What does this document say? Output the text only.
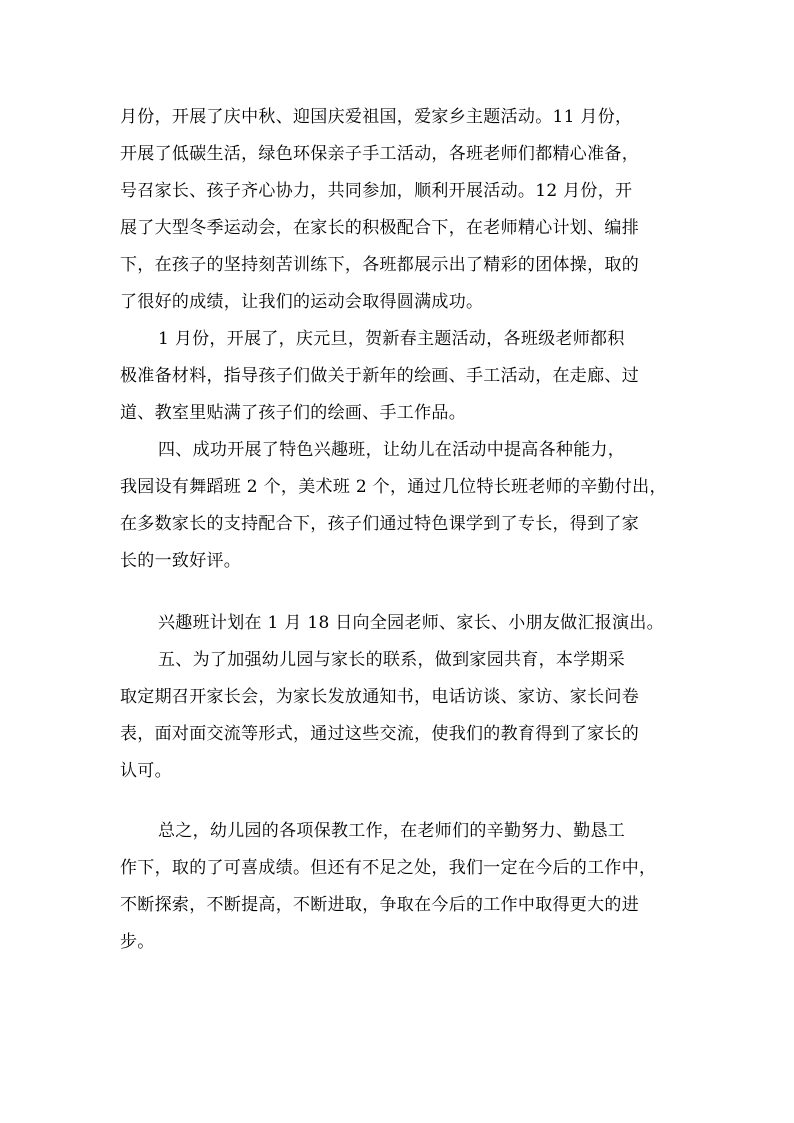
月份，开展了庆中秋、迎国庆爱祖国，爱家乡主题活动。11 月份，
开展了低碳生活，绿色环保亲子手工活动，各班老师们都精心准备，
号召家长、孩子齐心协力，共同参加，顺利开展活动。12 月份，开
展了大型冬季运动会，在家长的积极配合下，在老师精心计划、编排
下，在孩子的坚持刻苦训练下，各班都展示出了精彩的团体操，取的
了很好的成绩，让我们的运动会取得圆满成功。
1 月份，开展了，庆元旦，贺新春主题活动，各班级老师都积
极准备材料，指导孩子们做关于新年的绘画、手工活动，在走廊、过
道、教室里贴满了孩子们的绘画、手工作品。
四、成功开展了特色兴趣班，让幼儿在活动中提高各种能力，
我园设有舞蹈班 2 个，美术班 2 个，通过几位特长班老师的辛勤付出，
在多数家长的支持配合下，孩子们通过特色课学到了专长，得到了家
长的一致好评。
兴趣班计划在 1 月 18 日向全园老师、家长、小朋友做汇报演出。
五、为了加强幼儿园与家长的联系，做到家园共育，本学期采
取定期召开家长会，为家长发放通知书，电话访谈、家访、家长问卷
表，面对面交流等形式，通过这些交流，使我们的教育得到了家长的
认可。
总之，幼儿园的各项保教工作，在老师们的辛勤努力、勤恳工
作下，取的了可喜成绩。但还有不足之处，我们一定在今后的工作中，
不断探索，不断提高，不断进取，争取在今后的工作中取得更大的进
步。
